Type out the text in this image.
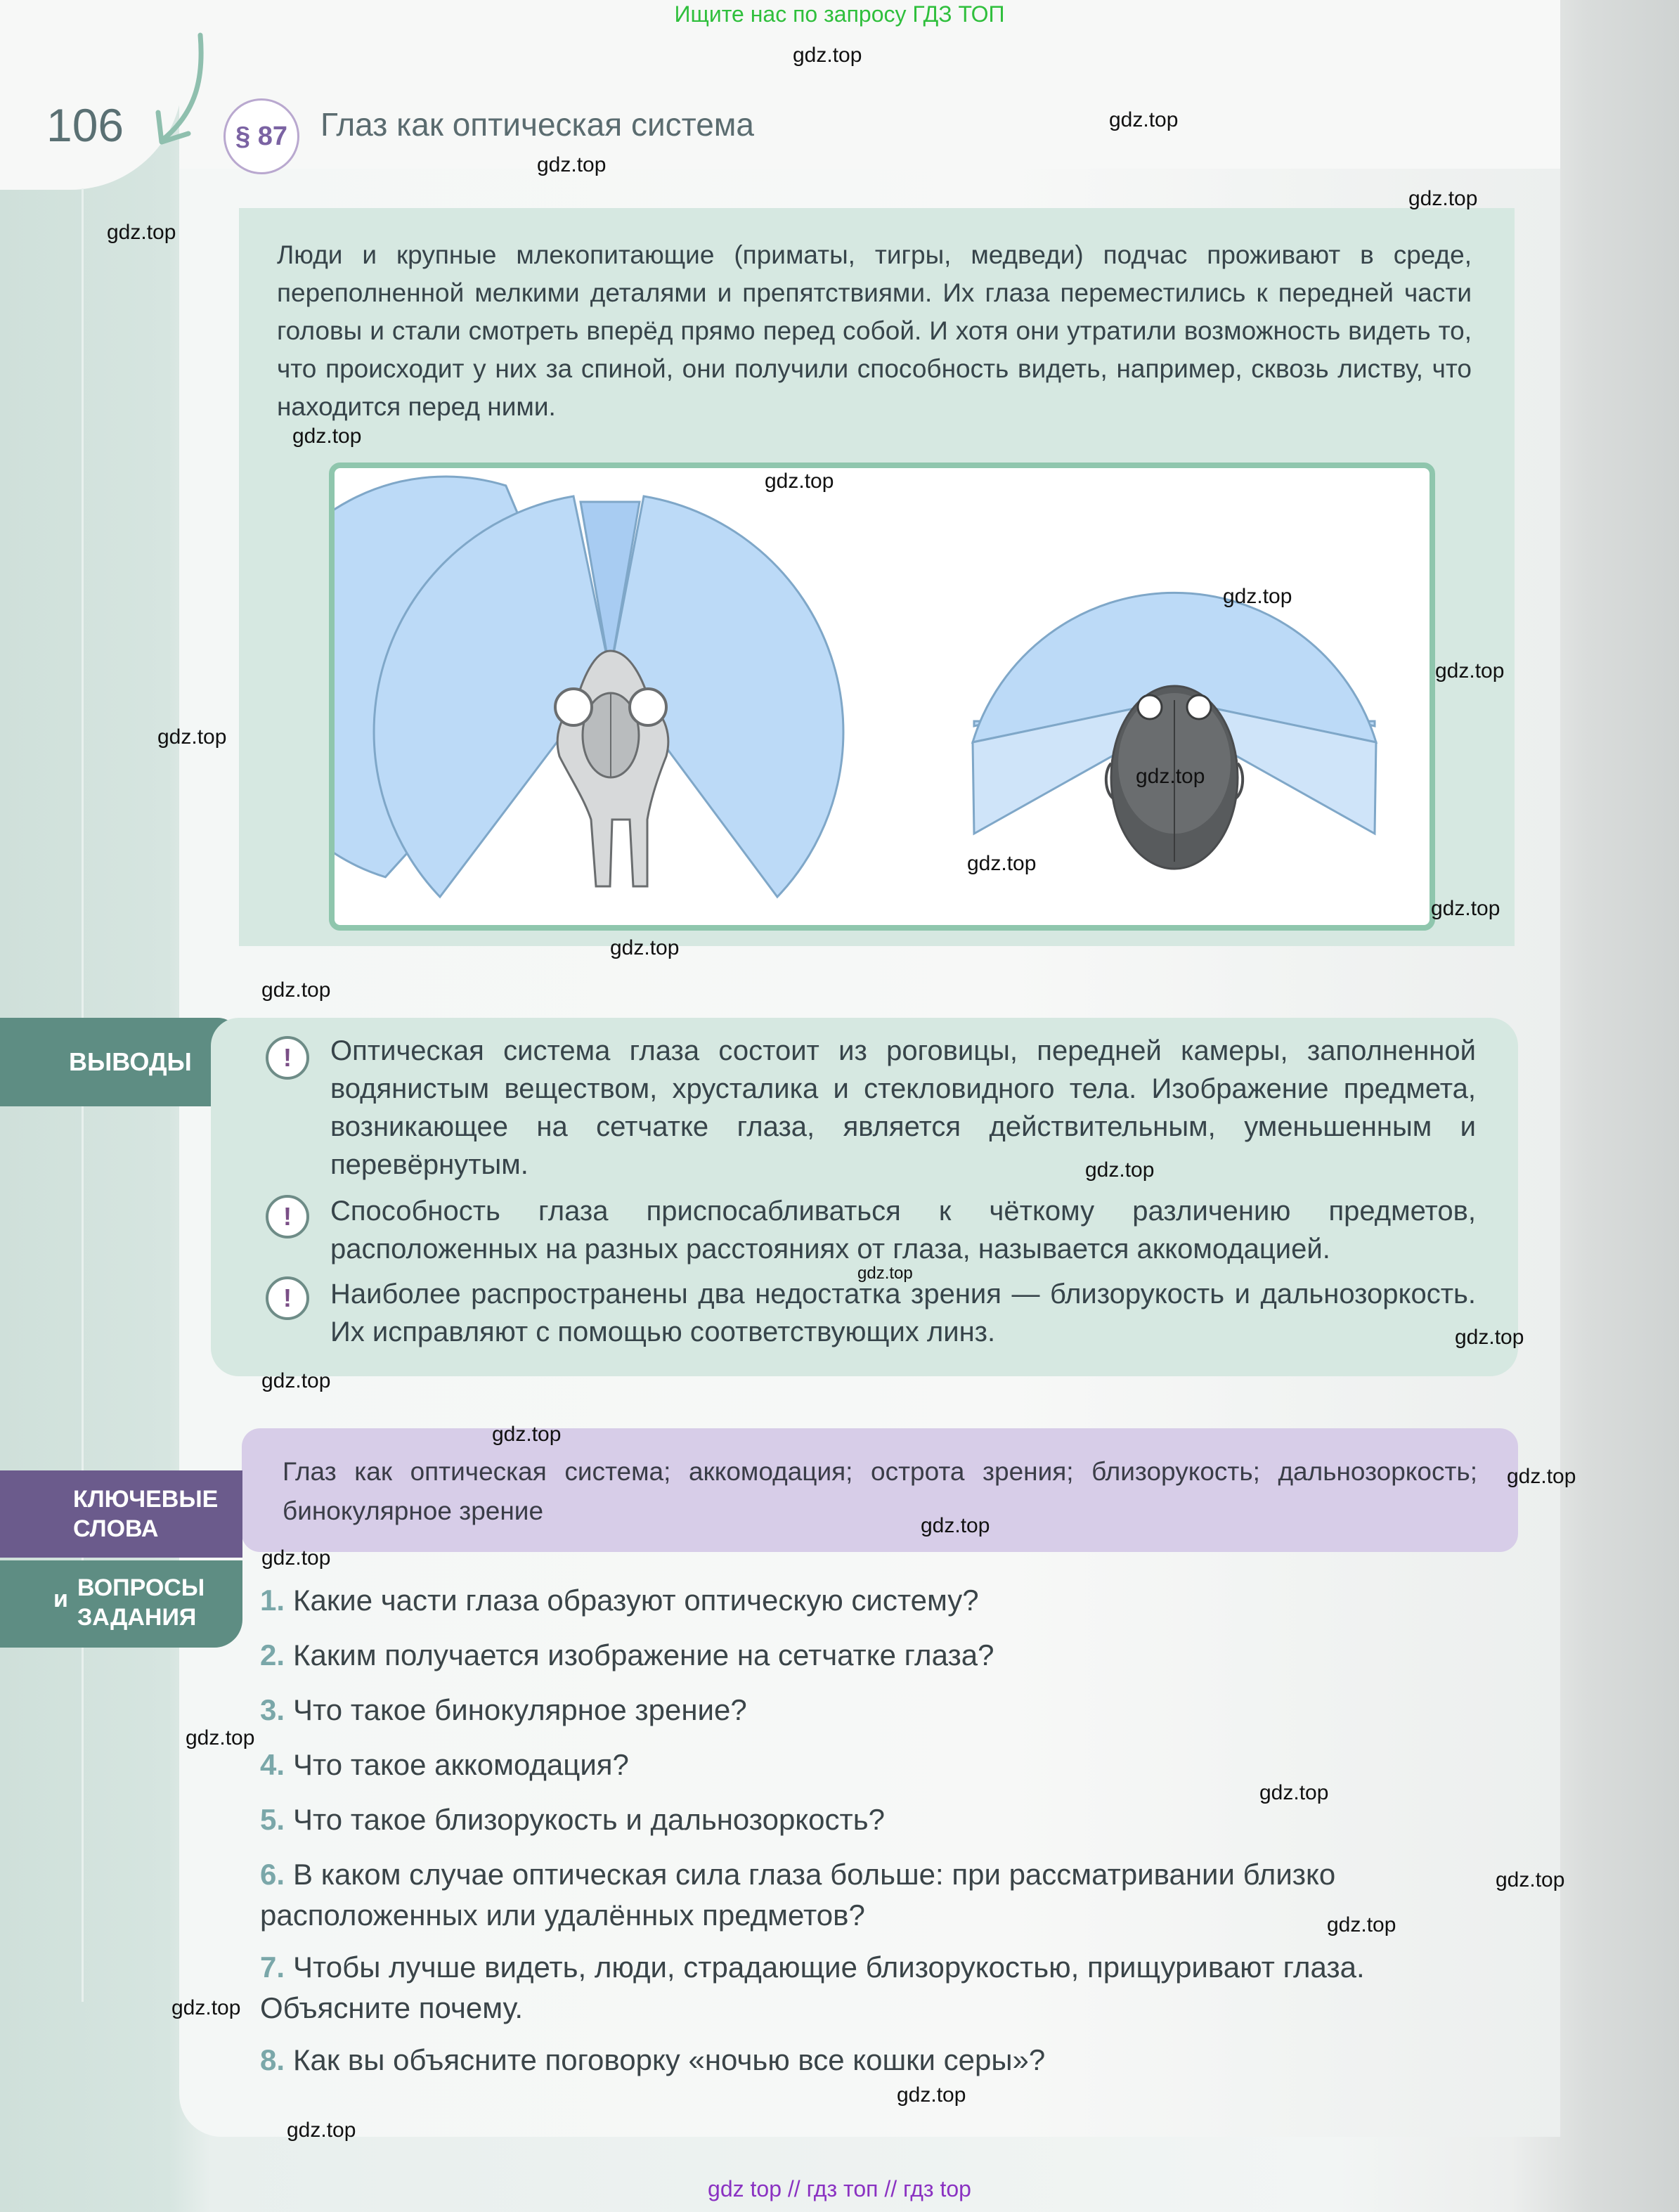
Ищите нас по запросу ГДЗ ТОП
106	§ 87	Глаз как оптическая система
Люди и крупные млекопитающие (приматы, тигры, медведи) подчас проживают в среде, переполненной мелкими деталями и препятствиями. Их глаза переместились к передней части головы и стали смотреть вперёд прямо перед собой. И хотя они утратили возможность видеть то, что происходит у них за спиной, они получили способность видеть, например, сквозь листву, что находится перед ними.
ВЫВОДЫ	!	Оптическая система глаза состоит из роговицы, передней камеры, заполненной водянистым веществом, хрусталика и стекловидного тела. Изображение предмета, возникающее на сетчатке глаза, является действительным, уменьшенным и перевёрнутым.
!	Способность глаза приспосабливаться к чёткому различению предметов, расположенных на разных расстояниях от глаза, называется аккомодацией.
!	Наиболее распространены два недостатка зрения — близорукость и дальнозоркость. Их исправляют с помощью соответствующих линз.
Глаз как оптическая система; аккомодация; острота зрения; близорукость; дальнозоркость; бинокулярное зрение
КЛЮЧЕВЫЕ
СЛОВА
и ВОПРОСЫ
ЗАДАНИЯ
1. Какие части глаза образуют оптическую систему?
2. Каким получается изображение на сетчатке глаза?
3. Что такое бинокулярное зрение?
4. Что такое аккомодация?
5. Что такое близорукость и дальнозоркость?
6. В каком случае оптическая сила глаза больше: при рассматривании близко расположенных или удалённых предметов?
7. Чтобы лучше видеть, люди, страдающие близорукостью, прищуривают глаза. Объясните почему.
8. Как вы объясните поговорку «ночью все кошки серы»?
gdz.top
gdz.top
gdz.top
gdz.top
gdz.top
gdz.top
gdz.top
gdz.top
gdz.top
gdz.top
gdz.top
gdz.top
gdz.top
gdz.top
gdz.top
gdz.top
gdz.top
gdz.top
gdz.top
gdz.top
gdz.top
gdz.top
gdz.top
gdz.top
gdz.top
gdz.top
gdz.top
gdz.top
gdz.top
gdz.top
gdz top // гдз топ // гдз top
